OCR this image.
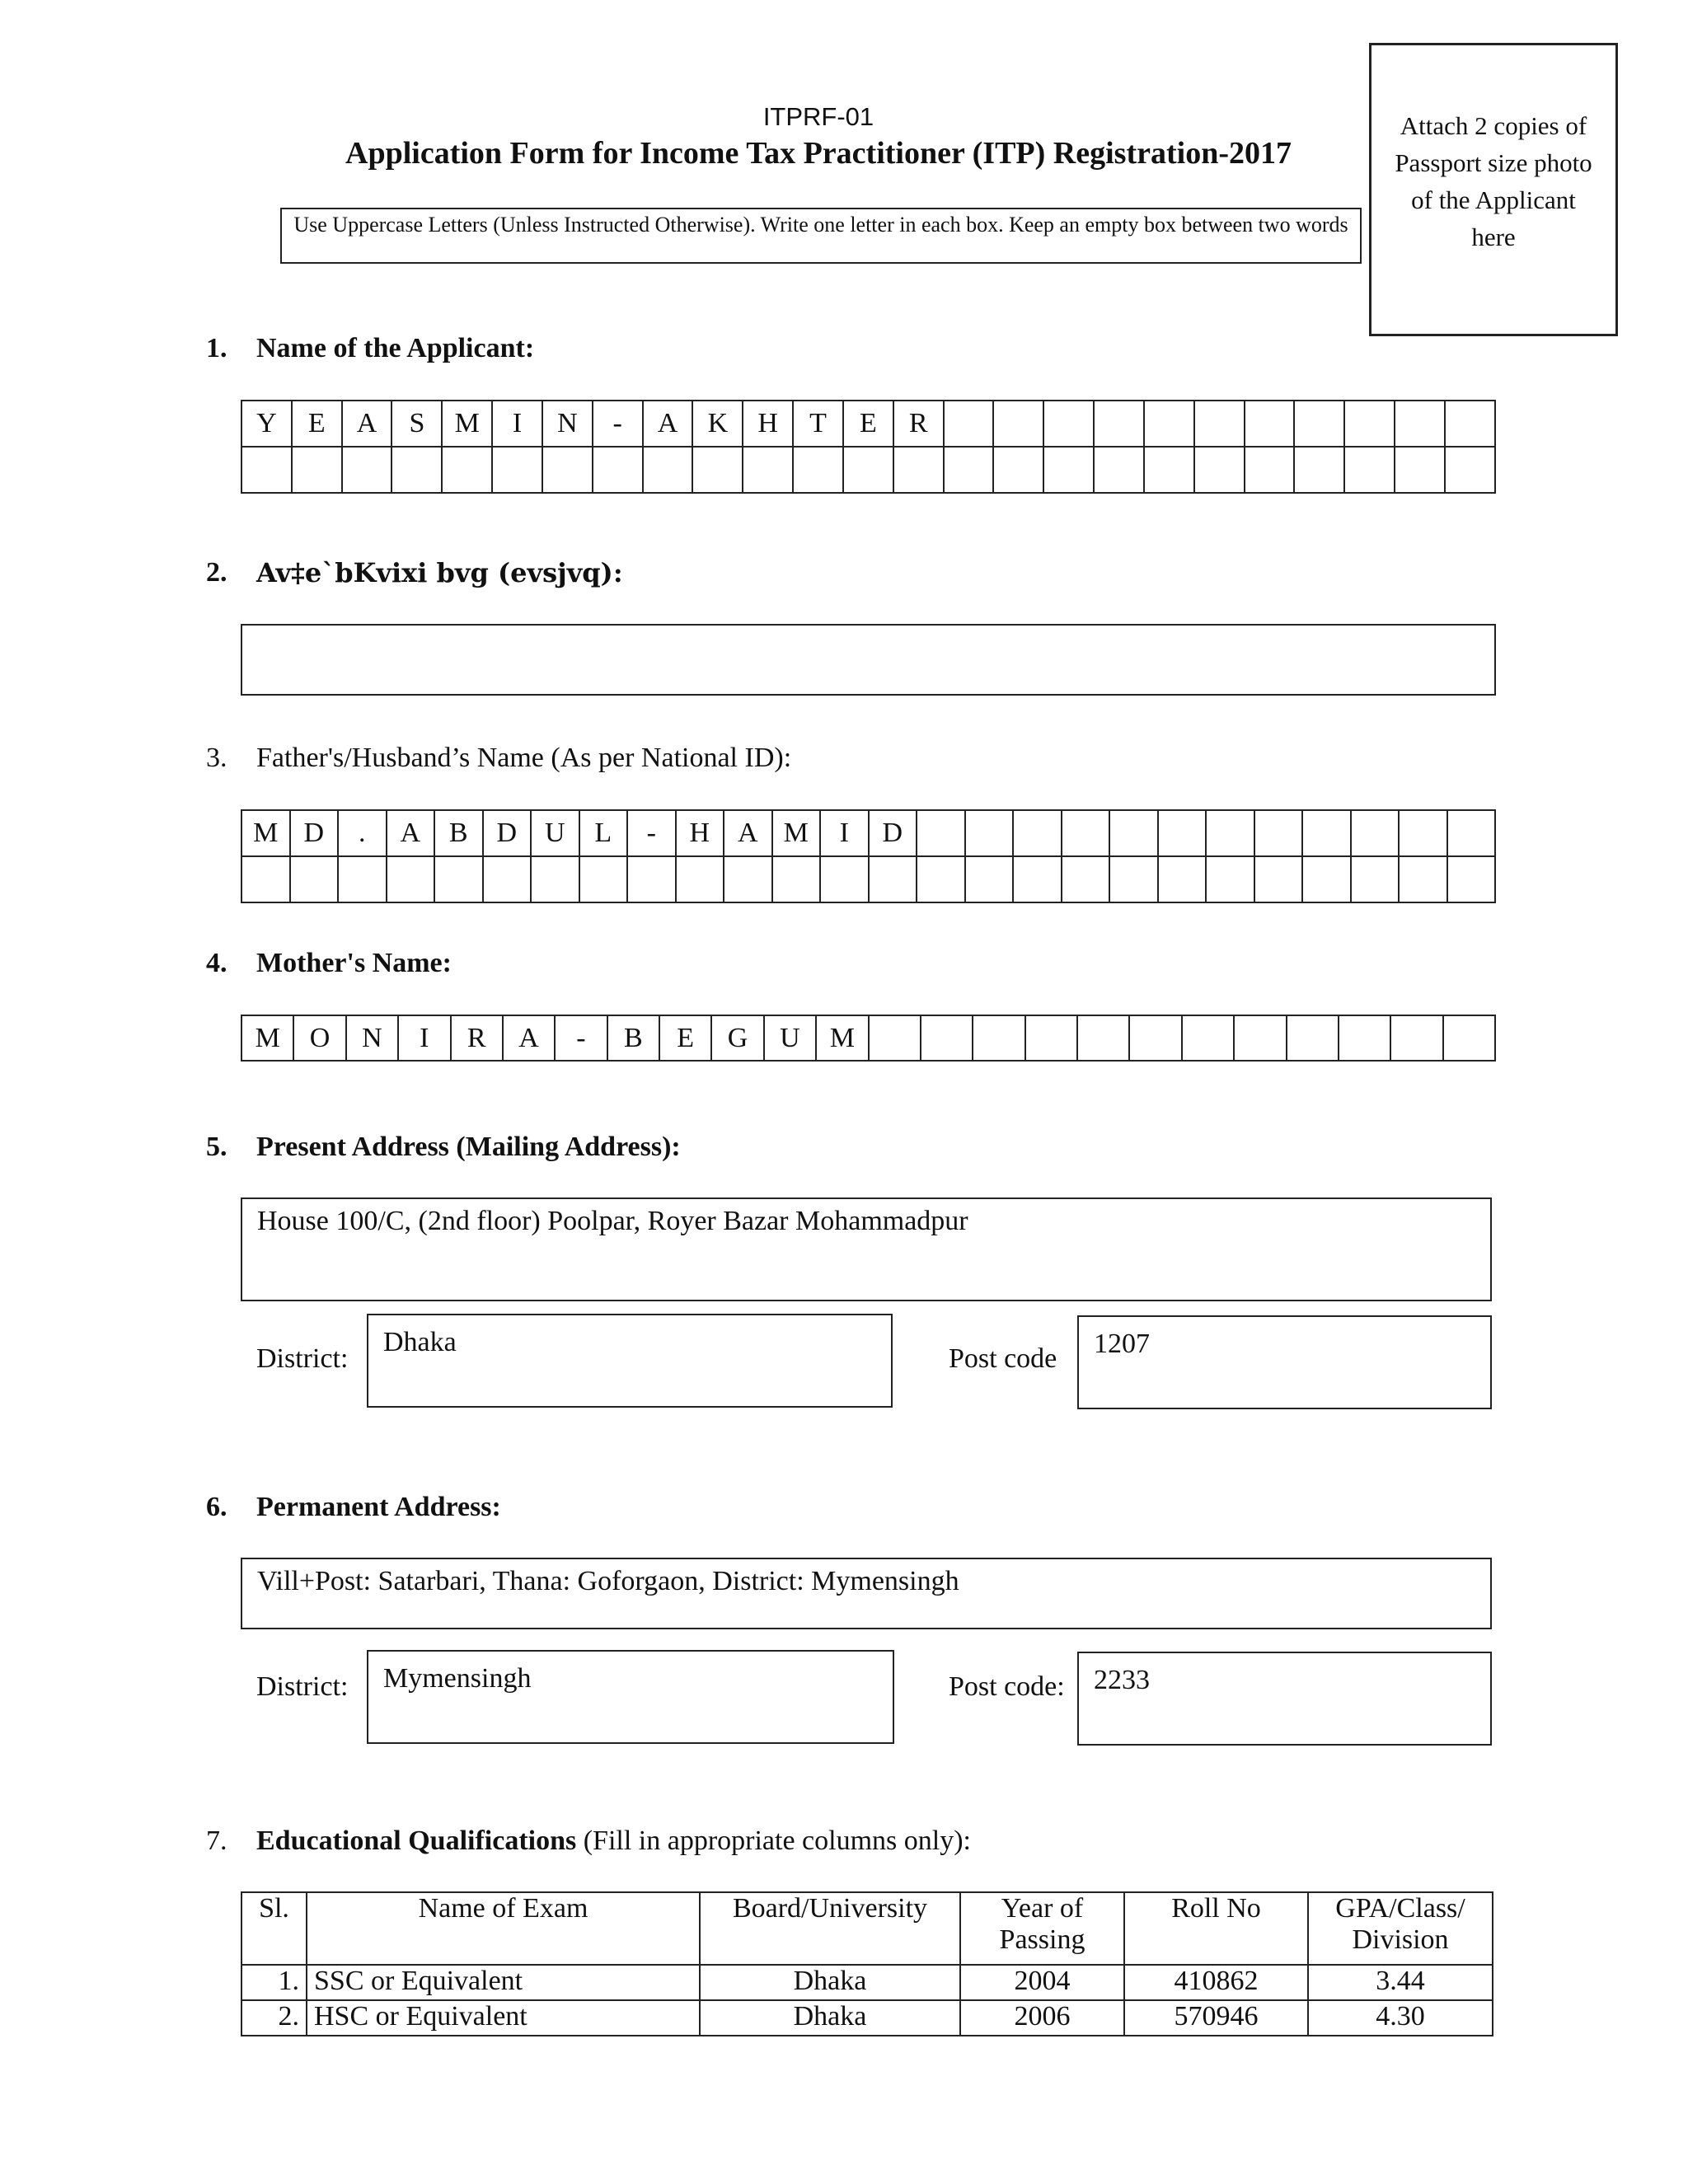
ITPRF-01
Application Form for Income Tax Practitioner (ITP) Registration-2017
Use Uppercase Letters (Unless Instructed Otherwise). Write one letter in each box. Keep an empty box between two words
Attach 2 copies of Passport size photo of the Applicant here
1. Name of the Applicant:
Y	E	A	S	M	I	N	-	A	K	H	T	E	R											

2. Av‡e`bKvixi bvg (evsjvq):
3. Father's/Husband’s Name (As per National ID):
M	D	.	A	B	D	U	L	-	H	A	M	I	D												

4. Mother's Name:
M	O	N	I	R	A	-	B	E	G	U	M												
5. Present Address (Mailing Address):
House 100/C, (2nd floor) Poolpar, Royer Bazar Mohammadpur
District:
Dhaka
Post code	1207
6. Permanent Address:
Vill+Post: Satarbari, Thana: Goforgaon, District: Mymensingh
District:	Mymensingh	Post code:	2233
7. Educational Qualifications (Fill in appropriate columns only):
Sl.	Name of Exam	Board/University	Year of Passing	Roll No	GPA/Class/ Division
1.	SSC or Equivalent	Dhaka	2004	410862	3.44
2.	HSC or Equivalent	Dhaka	2006	570946	4.30
